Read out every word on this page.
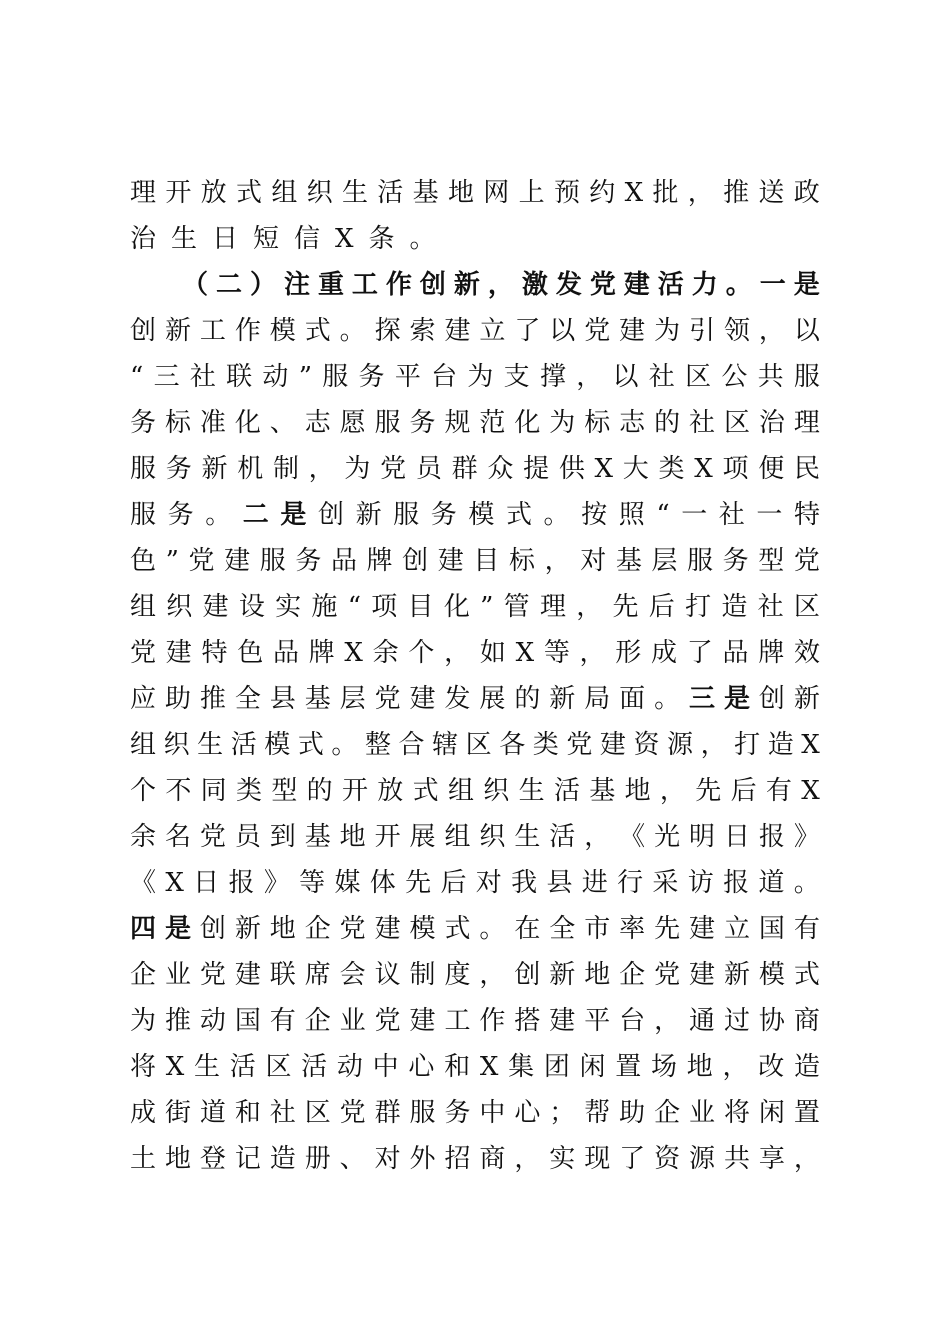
理 开 放 式 组 织 生 活 基 地 网 上 预 约 X 批 ， 推 送 政
治生日短信X条。
（ 二 ） 注 重 工 作 创 新 ， 激 发 党 建 活 力 。 一 是
创 新 工 作 模 式 。 探 索 建 立 了 以 党 建 为 引 领 ， 以
“ 三 社 联 动 ” 服 务 平 台 为 支 撑 ， 以 社 区 公 共 服
务 标 准 化 、 志 愿 服 务 规 范 化 为 标 志 的 社 区 治 理
服 务 新 机 制 ， 为 党 员 群 众 提 供 X 大 类 X 项 便 民
服 务 。 二 是 创 新 服 务 模 式 。 按 照 “ 一 社 一 特
色 ” 党 建 服 务 品 牌 创 建 目 标 ， 对 基 层 服 务 型 党
组 织 建 设 实 施 “ 项 目 化 ” 管 理 ， 先 后 打 造 社 区
党 建 特 色 品 牌 X 余 个 ， 如 X 等 ， 形 成 了 品 牌 效
应 助 推 全 县 基 层 党 建 发 展 的 新 局 面 。 三 是 创 新
组 织 生 活 模 式 。 整 合 辖 区 各 类 党 建 资 源 ， 打 造 X
个 不 同 类 型 的 开 放 式 组 织 生 活 基 地 ， 先 后 有 X
余 名 党 员 到 基 地 开 展 组 织 生 活 ， 《 光 明 日 报 》
《 X 日 报 》 等 媒 体 先 后 对 我 县 进 行 采 访 报 道 。
四 是 创 新 地 企 党 建 模 式 。 在 全 市 率 先 建 立 国 有
企 业 党 建 联 席 会 议 制 度 ， 创 新 地 企 党 建 新 模 式
为 推 动 国 有 企 业 党 建 工 作 搭 建 平 台 ， 通 过 协 商
将 X 生 活 区 活 动 中 心 和 X 集 团 闲 置 场 地 ， 改 造
成 街 道 和 社 区 党 群 服 务 中 心 ； 帮 助 企 业 将 闲 置
土 地 登 记 造 册 、 对 外 招 商 ， 实 现 了 资 源 共 享 ，
